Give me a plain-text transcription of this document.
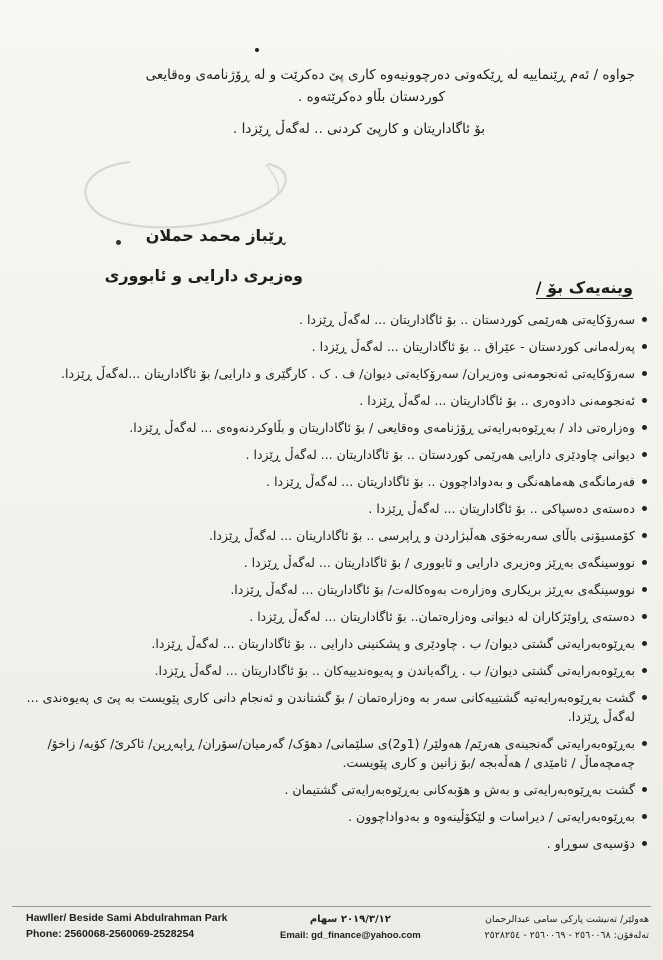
جواوە / ئەم ڕێنماییە لە ڕێکەوتی دەرچوونیەوە کاری پێ دەکرێت و لە ڕۆژنامەی وەقایعی
کوردستان بڵاو دەکرێتەوە .
بۆ ئاگاداریتان و کارپێ کردنی .. لەگەڵ ڕێزدا .
ڕێباز محمد حملان
وەزیری دارایی و ئابووری
وینەیەک بۆ /
سەرۆکایەتی هەرێمی کوردستان .. بۆ ئاگاداریتان ... لەگەڵ ڕێزدا .
پەرلەمانی کوردستان - عێراق .. بۆ ئاگاداریتان ... لەگەڵ ڕێزدا .
سەرۆکایەتی ئەنجومەنی وەزیران/ سەرۆکایەتی دیوان/ ف . ک . کارگێری و دارایی/ بۆ ئاگاداریتان ...لەگەڵ ڕێزدا.
ئەنجومەنی دادوەری .. بۆ ئاگاداریتان ... لەگەڵ ڕێزدا .
وەزارەتی داد / بەڕێوەبەرایەتی ڕۆژنامەی وەقایعی / بۆ ئاگاداریتان و بڵاوکردنەوەی ... لەگەڵ ڕێزدا.
دیوانی چاودێری دارایی هەرێمی کوردستان .. بۆ ئاگاداریتان ... لەگەڵ ڕێزدا .
فەرمانگەی هەماهەنگی و بەدواداچوون .. بۆ ئاگاداریتان ... لەگەڵ ڕێزدا .
دەستەی دەسپاکی .. بۆ ئاگاداریتان ... لەگەڵ ڕێزدا .
کۆمسیۆنی باڵای سەربەخۆی هەڵبژاردن و ڕاپرسی .. بۆ ئاگاداریتان ... لەگەڵ ڕێزدا.
نووسینگەی بەڕێز وەزیری دارایی و ئابووری / بۆ ئاگاداریتان ... لەگەڵ ڕێزدا .
نووسینگەی بەڕێز بریکاری وەزارەت بەوەکالەت/ بۆ ئاگاداریتان ... لەگەڵ ڕێزدا.
دەستەی ڕاوێژکاران لە دیوانی وەزارەتمان.. بۆ ئاگاداریتان ... لەگەڵ ڕێزدا .
بەڕێوەبەرایەتی گشتی دیوان/ ب . چاودێری و پشکنینی دارایی .. بۆ ئاگاداریتان ... لەگەڵ ڕێزدا.
بەڕێوەبەرایەتی گشتی دیوان/ ب . ڕاگەیاندن و پەیوەندییەکان .. بۆ ئاگاداریتان ... لەگەڵ ڕێزدا.
گشت بەڕێوەبەرایەتیە گشتییەکانی سەر بە وەزارەتمان / بۆ گشتاندن و ئەنجام دانی کاری پێویست بە پێ ی پەیوەندی ... لەگەڵ ڕێزدا.
بەڕێوەبەرایەتی گەنجینەی هەرێم/ هەولێر/ (1و2)ی سلێمانی/ دهۆک/ گەرمیان/سۆران/ ڕاپەڕین/ ئاکرێ/ کۆیە/ زاخۆ/ چەمچەماڵ / ئامێدی / هەڵەبجە /بۆ زانین و کاری پێویست.
گشت بەڕێوەبەرایەتی و بەش و هۆبەکانی بەڕێوەبەرایەتی گشتیمان .
بەڕێوەبەرایەتی / دیراسات و لێکۆڵینەوە و بەدواداچوون .
دۆسیەی سوڕاو .
Hawller/ Beside Sami Abdulrahman Park
Phone: 2560068-2560069-2528254
٢٠١٩/٣/١٢ سهام
Email: gd_finance@yahoo.com
هەولێر/ تەنیشت پارکی سامی عبدالرحمان
تەلەفۆن: ٢٥٦٠٠٦٨ - ٢٥٦٠٠٦٩ - ٢٥٢٨٢٥٤
